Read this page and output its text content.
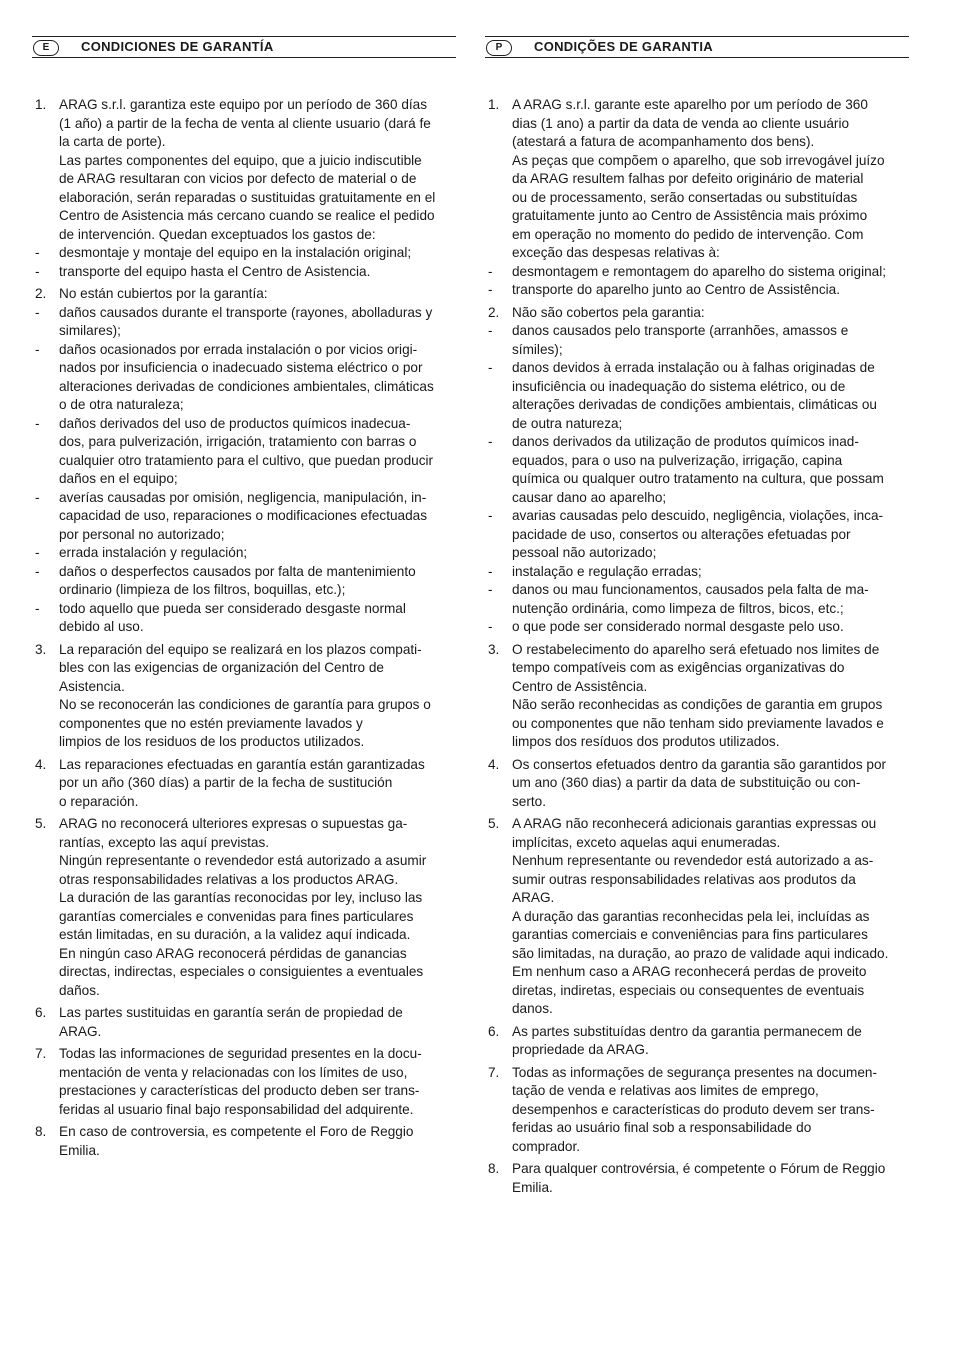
E	CONDICIONES DE GARANTÍA
1. ARAG s.r.l. garantiza este equipo por un período de 360 días
(1 año) a partir de la fecha de venta al cliente usuario (dará fe
la carta de porte).
Las partes componentes del equipo, que a juicio indiscutible
de ARAG resultaran con vicios por defecto de material o de
elaboración, serán reparadas o sustituidas gratuitamente en el
Centro de Asistencia más cercano cuando se realice el pedido
de intervención. Quedan exceptuados los gastos de:
- desmontaje y montaje del equipo en la instalación original;
- transporte del equipo hasta el Centro de Asistencia.
2. No están cubiertos por la garantía:
- daños causados durante el transporte (rayones, abolladuras y
similares);
- daños ocasionados por errada instalación o por vicios origi-
nados por insuficiencia o inadecuado sistema eléctrico o por
alteraciones derivadas de condiciones ambientales, climáticas
o de otra naturaleza;
- daños derivados del uso de productos químicos inadecua-
dos, para pulverización, irrigación, tratamiento con barras o
cualquier otro tratamiento para el cultivo, que puedan producir
daños en el equipo;
- averías causadas por omisión, negligencia, manipulación, in-
capacidad de uso, reparaciones o modificaciones efectuadas
por personal no autorizado;
- errada instalación y regulación;
- daños o desperfectos causados por falta de mantenimiento
ordinario (limpieza de los filtros, boquillas, etc.);
- todo aquello que pueda ser considerado desgaste normal
debido al uso.
3. La reparación del equipo se realizará en los plazos compati-
bles con las exigencias de organización del Centro de
Asistencia.
No se reconocerán las condiciones de garantía para grupos o
componentes que no estén previamente lavados y
limpios de los residuos de los productos utilizados.
4. Las reparaciones efectuadas en garantía están garantizadas
por un año (360 días) a partir de la fecha de sustitución
o reparación.
5. ARAG no reconocerá ulteriores expresas o supuestas ga-
rantías, excepto las aquí previstas.
Ningún representante o revendedor está autorizado a asumir
otras responsabilidades relativas a los productos ARAG.
La duración de las garantías reconocidas por ley, incluso las
garantías comerciales e convenidas para fines particulares
están limitadas, en su duración, a la validez aquí indicada.
En ningún caso ARAG reconocerá pérdidas de ganancias
directas, indirectas, especiales o consiguientes a eventuales
daños.
6. Las partes sustituidas en garantía serán de propiedad de
ARAG.
7. Todas las informaciones de seguridad presentes en la docu-
mentación de venta y relacionadas con los límites de uso,
prestaciones y características del producto deben ser trans-
feridas al usuario final bajo responsabilidad del adquirente.
8. En caso de controversia, es competente el Foro de Reggio
Emilia.
P	CONDIÇÕES DE GARANTIA
1. A ARAG s.r.l. garante este aparelho por um período de 360
dias (1 ano) a partir da data de venda ao cliente usuário
(atestará a fatura de acompanhamento dos bens).
As peças que compõem o aparelho, que sob irrevogável juízo
da ARAG resultem falhas por defeito originário de material
ou de processamento, serão consertadas ou substituídas
gratuitamente junto ao Centro de Assistência mais próximo
em operação no momento do pedido de intervenção. Com
exceção das despesas relativas à:
- desmontagem e remontagem do aparelho do sistema original;
- transporte do aparelho junto ao Centro de Assistência.
2. Não são cobertos pela garantia:
- danos causados pelo transporte (arranhões, amassos e
símiles);
- danos devidos à errada instalação ou à falhas originadas de
insuficiência ou inadequação do sistema elétrico, ou de
alterações derivadas de condições ambientais, climáticas ou
de outra natureza;
- danos derivados da utilização de produtos químicos inad-
equados, para o uso na pulverização, irrigação, capina
química ou qualquer outro tratamento na cultura, que possam
causar dano ao aparelho;
- avarias causadas pelo descuido, negligência, violações, inca-
pacidade de uso, consertos ou alterações efetuadas por
pessoal não autorizado;
- instalação e regulação erradas;
- danos ou mau funcionamentos, causados pela falta de ma-
nutenção ordinária, como limpeza de filtros, bicos, etc.;
- o que pode ser considerado normal desgaste pelo uso.
3. O restabelecimento do aparelho será efetuado nos limites de
tempo compatíveis com as exigências organizativas do
Centro de Assistência.
Não serão reconhecidas as condições de garantia em grupos
ou componentes que não tenham sido previamente lavados e
limpos dos resíduos dos produtos utilizados.
4. Os consertos efetuados dentro da garantia são garantidos por
um ano (360 dias) a partir da data de substituição ou con-
serto.
5. A ARAG não reconhecerá adicionais garantias expressas ou
implícitas, exceto aquelas aqui enumeradas.
Nenhum representante ou revendedor está autorizado a as-
sumir outras responsabilidades relativas aos produtos da
ARAG.
A duração das garantias reconhecidas pela lei, incluídas as
garantias comerciais e conveniências para fins particulares
são limitadas, na duração, ao prazo de validade aqui indicado.
Em nenhum caso a ARAG reconhecerá perdas de proveito
diretas, indiretas, especiais ou consequentes de eventuais
danos.
6. As partes substituídas dentro da garantia permanecem de
propriedade da ARAG.
7. Todas as informações de segurança presentes na documen-
tação de venda e relativas aos limites de emprego,
desempenhos e características do produto devem ser trans-
feridas ao usuário final sob a responsabilidade do
comprador.
8. Para qualquer controvérsia, é competente o Fórum de Reggio
Emilia.
